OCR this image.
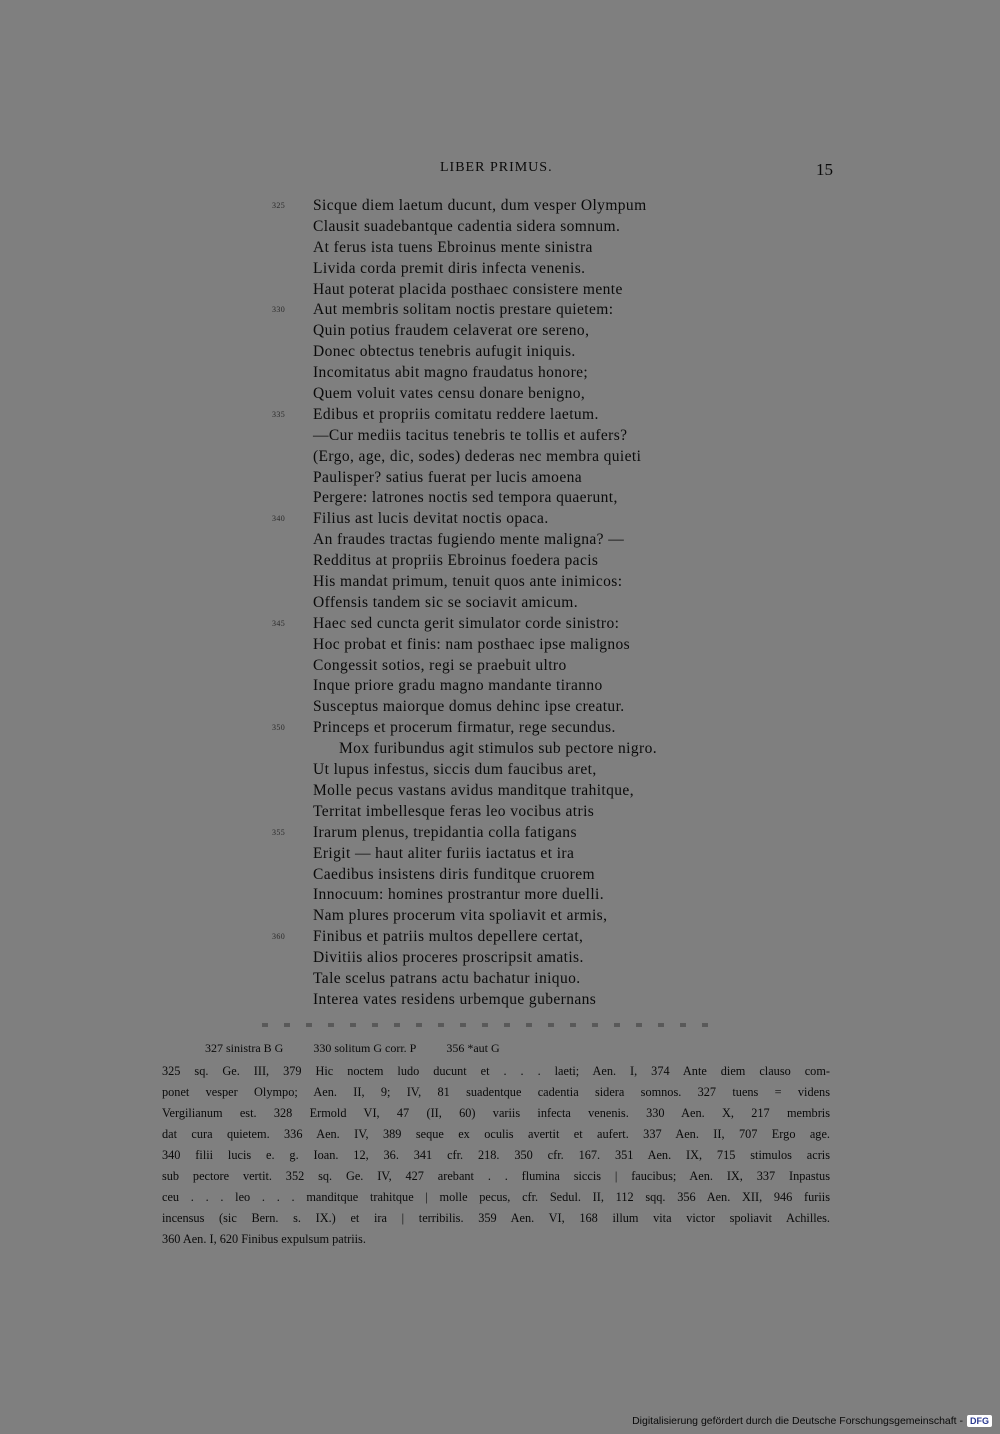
LIBER PRIMUS.	15
325 Sicque diem laetum ducunt, dum vesper Olympum
Clausit suadebantque cadentia sidera somnum.
At ferus ista tuens Ebroinus mente sinistra
Livida corda premit diris infecta venenis.
Haut poterat placida posthaec consistere mente
330 Aut membris solitam noctis prestare quietem:
Quin potius fraudem celaverat ore sereno,
Donec obtectus tenebris aufugit iniquis.
Incomitatus abit magno fraudatus honore;
Quem voluit vates censu donare benigno,
335 Edibus et propriis comitatu reddere laetum.
—Cur mediis tacitus tenebris te tollis et aufers?
(Ergo, age, dic, sodes) dederas nec membra quieti
Paulisper? satius fuerat per lucis amoena
Pergere: latrones noctis sed tempora quaerunt,
340 Filius ast lucis devitat noctis opaca.
An fraudes tractas fugiendo mente maligna? —
Redditus at propriis Ebroinus foedera pacis
His mandat primum, tenuit quos ante inimicos:
Offensis tandem sic se sociavit amicum.
345 Haec sed cuncta gerit simulator corde sinistro:
Hoc probat et finis: nam posthaec ipse malignos
Congessit sotios, regi se praebuit ultro
Inque priore gradu magno mandante tiranno
Susceptus maiorque domus dehinc ipse creatur.
350 Princeps et procerum firmatur, rege secundus.
Mox furibundus agit stimulos sub pectore nigro.
Ut lupus infestus, siccis dum faucibus aret,
Molle pecus vastans avidus manditque trahitque,
Territat imbellesque feras leo vocibus atris
355 Irarum plenus, trepidantia colla fatigans
Erigit — haut aliter furiis iactatus et ira
Caedibus insistens diris funditque cruorem
Innocuum: homines prostrantur more duelli.
Nam plures procerum vita spoliavit et armis,
360 Finibus et patriis multos depellere certat,
Divitiis alios proceres proscripsit amatis.
Tale scelus patrans actu bachatur iniquo.
Interea vates residens urbemque gubernans
327 sinistra B G	330 solitum G corr. P	356 *aut G
325 sq. Ge. III, 379 Hic noctem ludo ducunt et . . . laeti; Aen. I, 374 Ante diem clauso com-
ponet vesper Olympo; Aen. II, 9; IV, 81 suadentque cadentia sidera somnos. 327 tuens = videns
Vergilianum est. 328 Ermold VI, 47 (II, 60) variis infecta venenis. 330 Aen. X, 217 membris
dat cura quietem. 336 Aen. IV, 389 seque ex oculis avertit et aufert. 337 Aen. II, 707 Ergo age.
340 filii lucis e. g. Ioan. 12, 36. 341 cfr. 218. 350 cfr. 167. 351 Aen. IX, 715 stimulos acris
sub pectore vertit. 352 sq. Ge. IV, 427 arebant . . flumina siccis | faucibus; Aen. IX, 337 Inpastus
ceu . . . leo . . . manditque trahitque | molle pecus, cfr. Sedul. II, 112 sqq. 356 Aen. XII, 946 furiis
incensus (sic Bern. s. IX.) et ira | terribilis. 359 Aen. VI, 168 illum vita victor spoliavit Achilles.
360 Aen. I, 620 Finibus expulsum patriis.
Digitalisierung gefördert durch die Deutsche Forschungsgemeinschaft - DFG
